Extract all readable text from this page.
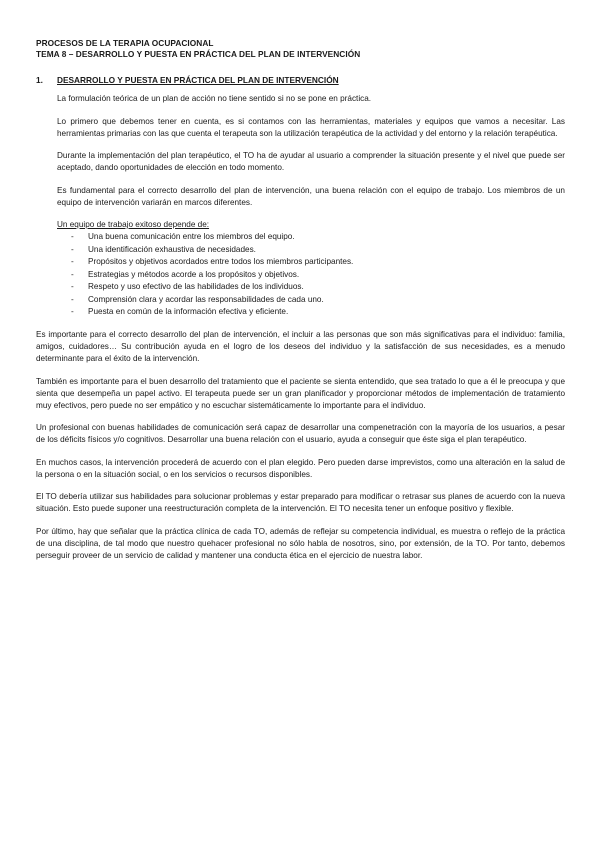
PROCESOS DE LA TERAPIA OCUPACIONAL
TEMA 8 – DESARROLLO Y PUESTA EN PRÁCTICA DEL PLAN DE INTERVENCIÓN
1.	DESARROLLO Y PUESTA EN PRÁCTICA DEL PLAN DE INTERVENCIÓN

La formulación teórica de un plan de acción no tiene sentido si no se pone en práctica.

Lo primero que debemos tener en cuenta, es si contamos con las herramientas, materiales y equipos que vamos a necesitar. Las herramientas primarias con las que cuenta el terapeuta son la utilización terapéutica de la actividad y del entorno y la relación terapéutica.

Durante la implementación del plan terapéutico, el TO ha de ayudar al usuario a comprender la situación presente y el nivel que puede ser aceptado, dando oportunidades de elección en todo momento.

Es fundamental para el correcto desarrollo del plan de intervención, una buena relación con el equipo de trabajo. Los miembros de un equipo de intervención variarán en marcos diferentes.

Un equipo de trabajo exitoso depende de:
-	Una buena comunicación entre los miembros del equipo.
-	Una identificación exhaustiva de necesidades.
-	Propósitos y objetivos acordados entre todos los miembros participantes.
-	Estrategias y métodos acorde a los propósitos y objetivos.
-	Respeto y uso efectivo de las habilidades de los individuos.
-	Comprensión clara y acordar las responsabilidades de cada uno.
-	Puesta en común de la información efectiva y eficiente.

Es importante para el correcto desarrollo del plan de intervención, el incluir a las personas que son más significativas para el individuo: familia, amigos, cuidadores… Su contribución ayuda en el logro de los deseos del individuo y la satisfacción de sus necesidades, es a menudo determinante para el éxito de la intervención.

También es importante para el buen desarrollo del tratamiento que el paciente se sienta entendido, que sea tratado lo que a él le preocupa y que sienta que desempeña un papel activo. El terapeuta puede ser un gran planificador y proporcionar métodos de implementación de tratamiento muy efectivos, pero puede no ser empático y no escuchar sistemáticamente lo importante para el individuo.

Un profesional con buenas habilidades de comunicación será capaz de desarrollar una compenetración con la mayoría de los usuarios, a pesar de los déficits físicos y/o cognitivos. Desarrollar una buena relación con el usuario, ayuda a conseguir que éste siga el plan terapéutico.

En muchos casos, la intervención procederá de acuerdo con el plan elegido. Pero pueden darse imprevistos, como una alteración en la salud de la persona o en la situación social, o en los servicios o recursos disponibles.

El TO debería utilizar sus habilidades para solucionar problemas y estar preparado para modificar o retrasar sus planes de acuerdo con la nueva situación. Esto puede suponer una reestructuración completa de la intervención. El TO necesita tener un enfoque positivo y flexible.

Por último, hay que señalar que la práctica clínica de cada TO, además de reflejar su competencia individual, es muestra o reflejo de la práctica de una disciplina, de tal modo que nuestro quehacer profesional no sólo habla de nosotros, sino, por extensión, de la TO. Por tanto, debemos perseguir proveer de un servicio de calidad y mantener una conducta ética en el ejercicio de nuestra labor.
